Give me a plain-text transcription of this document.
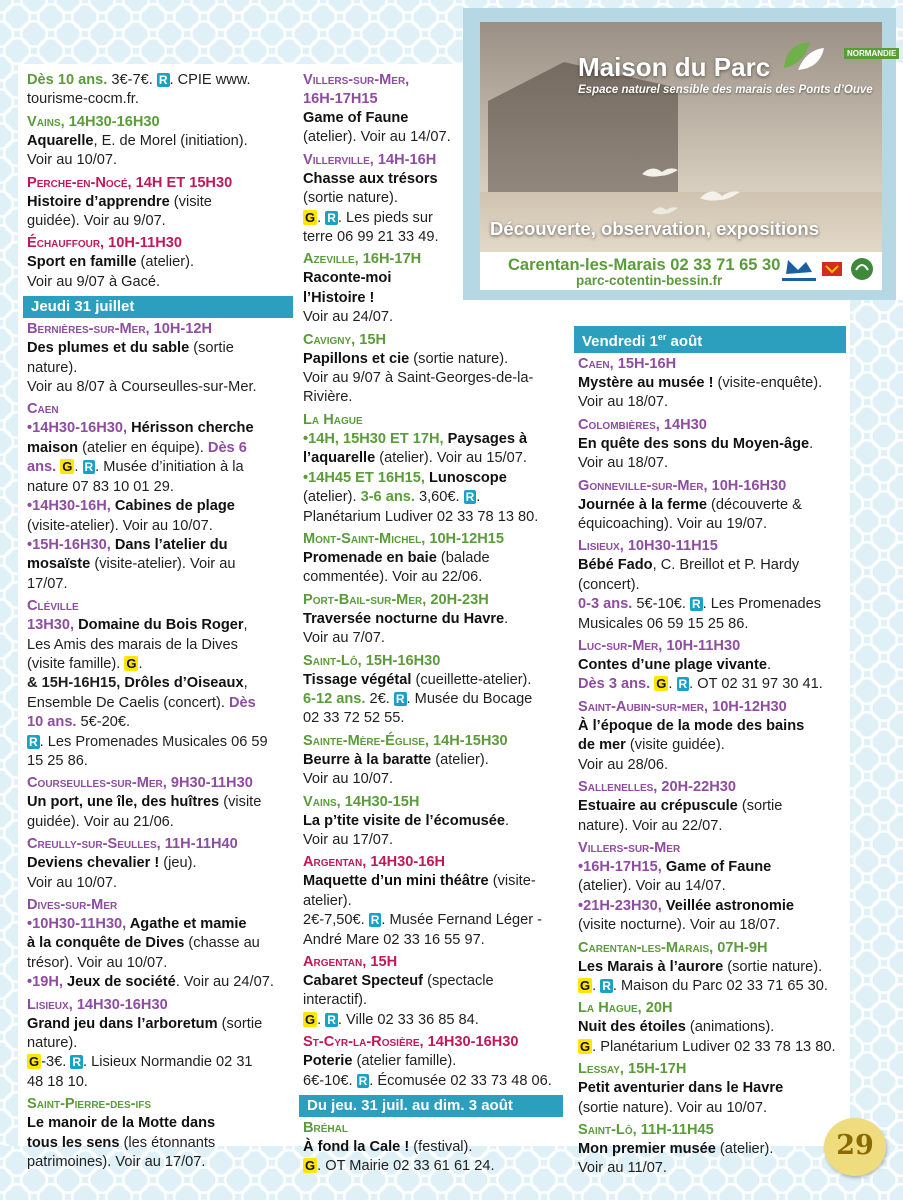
Maison du Parc
Espace naturel sensible des marais des Ponts d’Ouve
NORMANDIE
Découverte, observation, expositions
Carentan-les-Marais 02 33 71 65 30
parc-cotentin-bessin.fr
Dès 10 ans. 3€-7€. R . CPIE www.
tourisme-cocm.fr.
Vains, 14H30-16H30
Aquarelle, E. de Morel (initiation).
Voir au 10/07.
Perche-en-Nocé, 14H ET 15H30
Histoire d’apprendre (visite
guidée). Voir au 9/07.
Échauffour, 10H-11H30
Sport en famille (atelier).
Voir au 9/07 à Gacé.
Jeudi 31 juillet
Bernières-sur-Mer, 10H-12H
Des plumes et du sable (sortie
nature).
Voir au 8/07 à Courseulles-sur-Mer.
Caen
•14H30-16H30, Hérisson cherche
maison (atelier en équipe). Dès 6
ans. G . R . Musée d’initiation à la
nature 07 83 10 01 29.
•14H30-16H, Cabines de plage
(visite-atelier). Voir au 10/07.
•15H-16H30, Dans l’atelier du
mosaïste (visite-atelier). Voir au
17/07.
Cléville
13H30, Domaine du Bois Roger,
Les Amis des marais de la Dives
(visite famille). G .
& 15H-16H15, Drôles d’Oiseaux,
Ensemble De Caelis (concert). Dès
10 ans. 5€-20€.
R . Les Promenades Musicales 06 59
15 25 86.
Courseulles-sur-Mer, 9H30-11H30
Un port, une île, des huîtres (visite
guidée). Voir au 21/06.
Creully-sur-Seulles, 11H-11H40
Deviens chevalier ! (jeu).
Voir au 10/07.
Dives-sur-Mer
•10H30-11H30, Agathe et mamie
à la conquête de Dives (chasse au
trésor). Voir au 10/07.
•19H, Jeux de société. Voir au 24/07.
Lisieux, 14H30-16H30
Grand jeu dans l’arboretum (sortie
nature).
G -3€. R . Lisieux Normandie 02 31
48 18 10.
Saint-Pierre-des-ifs
Le manoir de la Motte dans
tous les sens (les étonnants
patrimoines). Voir au 17/07.
Villers-sur-Mer,
16H-17H15
Game of Faune
(atelier). Voir au 14/07.
Villerville, 14H-16H
Chasse aux trésors
(sortie nature).
G . R . Les pieds sur
terre 06 99 21 33 49.
Azeville, 16H-17H
Raconte-moi
l’Histoire !
Voir au 24/07.
Cavigny, 15H
Papillons et cie (sortie nature).
Voir au 9/07 à Saint-Georges-de-la-
Rivière.
La Hague
•14H, 15H30 ET 17H, Paysages à
l’aquarelle (atelier). Voir au 15/07.
•14H45 ET 16H15, Lunoscope
(atelier). 3-6 ans. 3,60€. R .
Planétarium Ludiver 02 33 78 13 80.
Mont-Saint-Michel, 10H-12H15
Promenade en baie (balade
commentée). Voir au 22/06.
Port-Bail-sur-Mer, 20H-23H
Traversée nocturne du Havre.
Voir au 7/07.
Saint-Lô, 15H-16H30
Tissage végétal (cueillette-atelier).
6-12 ans. 2€. R . Musée du Bocage
02 33 72 52 55.
Sainte-Mère-Église, 14H-15H30
Beurre à la baratte (atelier).
Voir au 10/07.
Vains, 14H30-15H
La p’tite visite de l’écomusée.
Voir au 17/07.
Argentan, 14H30-16H
Maquette d’un mini théâtre (visite-
atelier).
2€-7,50€. R . Musée Fernand Léger -
André Mare 02 33 16 55 97.
Argentan, 15H
Cabaret Specteuf (spectacle
interactif).
G . R . Ville 02 33 36 85 84.
St-Cyr-la-Rosière, 14H30-16H30
Poterie (atelier famille).
6€-10€. R . Écomusée 02 33 73 48 06.
Du jeu. 31 juil. au dim. 3 août
Bréhal
À fond la Cale ! (festival).
G . OT Mairie 02 33 61 61 24.
Vendredi 1er août
Caen, 15H-16H
Mystère au musée ! (visite-enquête).
Voir au 18/07.
Colombières, 14H30
En quête des sons du Moyen-âge.
Voir au 18/07.
Gonneville-sur-Mer, 10H-16H30
Journée à la ferme (découverte &
équicoaching). Voir au 19/07.
Lisieux, 10H30-11H15
Bébé Fado, C. Breillot et P. Hardy
(concert).
0-3 ans. 5€-10€. R . Les Promenades
Musicales 06 59 15 25 86.
Luc-sur-Mer, 10H-11H30
Contes d’une plage vivante.
Dès 3 ans. G . R . OT 02 31 97 30 41.
Saint-Aubin-sur-mer, 10H-12H30
À l’époque de la mode des bains
de mer (visite guidée).
Voir au 28/06.
Sallenelles, 20H-22H30
Estuaire au crépuscule (sortie
nature). Voir au 22/07.
Villers-sur-Mer
•16H-17H15, Game of Faune
(atelier). Voir au 14/07.
•21H-23H30, Veillée astronomie
(visite nocturne). Voir au 18/07.
Carentan-les-Marais, 07H-9H
Les Marais à l’aurore (sortie nature).
G . R . Maison du Parc 02 33 71 65 30.
La Hague, 20H
Nuit des étoiles (animations).
G . Planétarium Ludiver 02 33 78 13 80.
Lessay, 15H-17H
Petit aventurier dans le Havre
(sortie nature). Voir au 10/07.
Saint-Lô, 11H-11H45
Mon premier musée (atelier).
Voir au 11/07.
29
